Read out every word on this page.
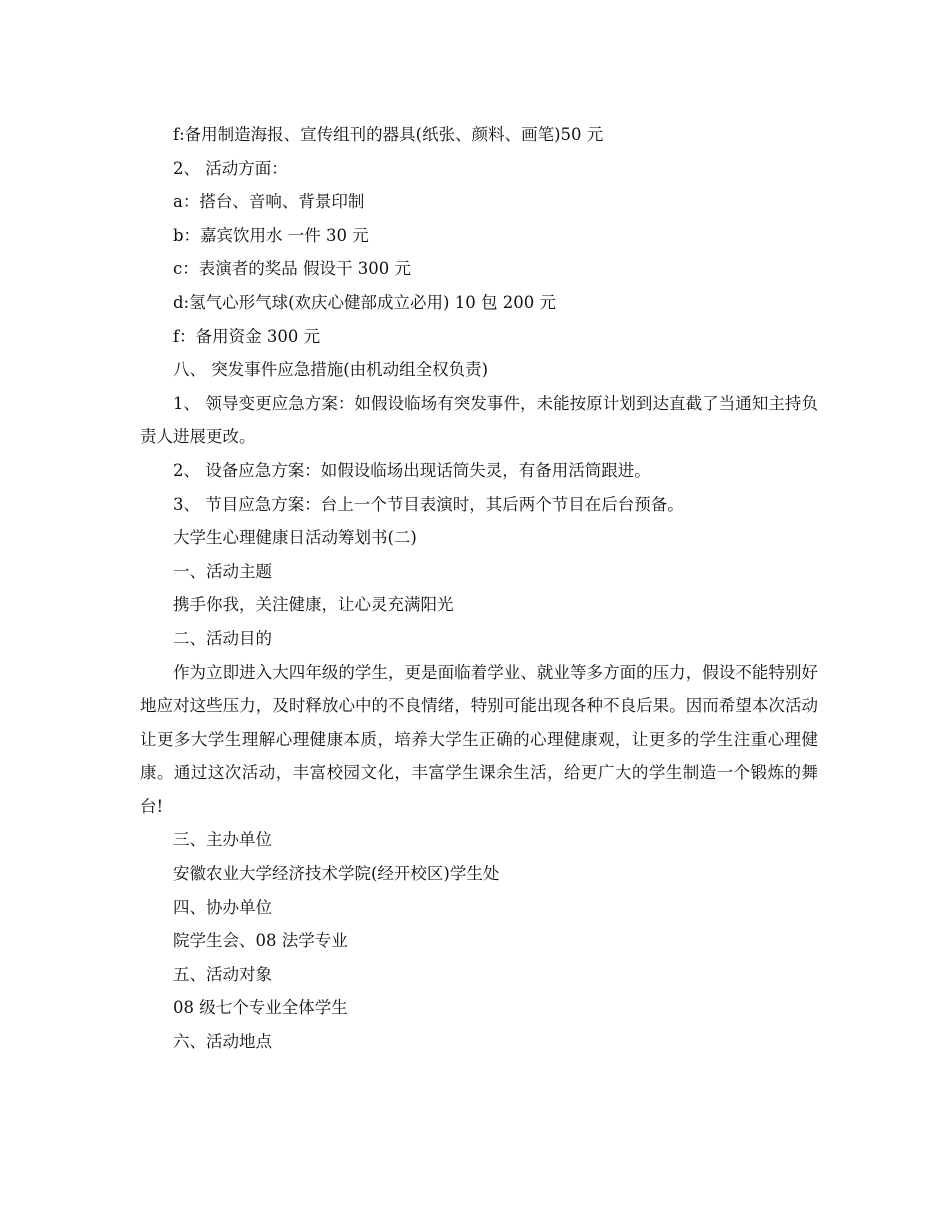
f:备用制造海报、宣传组刊的器具(纸张、颜料、画笔)50 元
2、 活动方面：
a：搭台、音响、背景印制
b：嘉宾饮用水 一件 30 元
c：表演者的奖品 假设干 300 元
d:氢气心形气球(欢庆心健部成立必用) 10 包 200 元
f：备用资金 300 元
八、 突发事件应急措施(由机动组全权负责)

1、 领导变更应急方案：如假设临场有突发事件，未能按原计划到达直截了当通知主持负责人进展更改。

2、 设备应急方案：如假设临场出现话筒失灵，有备用活筒跟进。
3、 节目应急方案：台上一个节目表演时，其后两个节目在后台预备。
大学生心理健康日活动筹划书(二)
一、活动主题
携手你我，关注健康，让心灵充满阳光
二、活动目的

作为立即进入大四年级的学生，更是面临着学业、就业等多方面的压力，假设不能特别好地应对这些压力，及时释放心中的不良情绪，特别可能出现各种不良后果。因而希望本次活动让更多大学生理解心理健康本质，培养大学生正确的心理健康观，让更多的学生注重心理健康。通过这次活动，丰富校园文化，丰富学生课余生活，给更广大的学生制造一个锻炼的舞台!

三、主办单位
安徽农业大学经济技术学院(经开校区)学生处
四、协办单位
院学生会、08 法学专业
五、活动对象
08 级七个专业全体学生
六、活动地点
